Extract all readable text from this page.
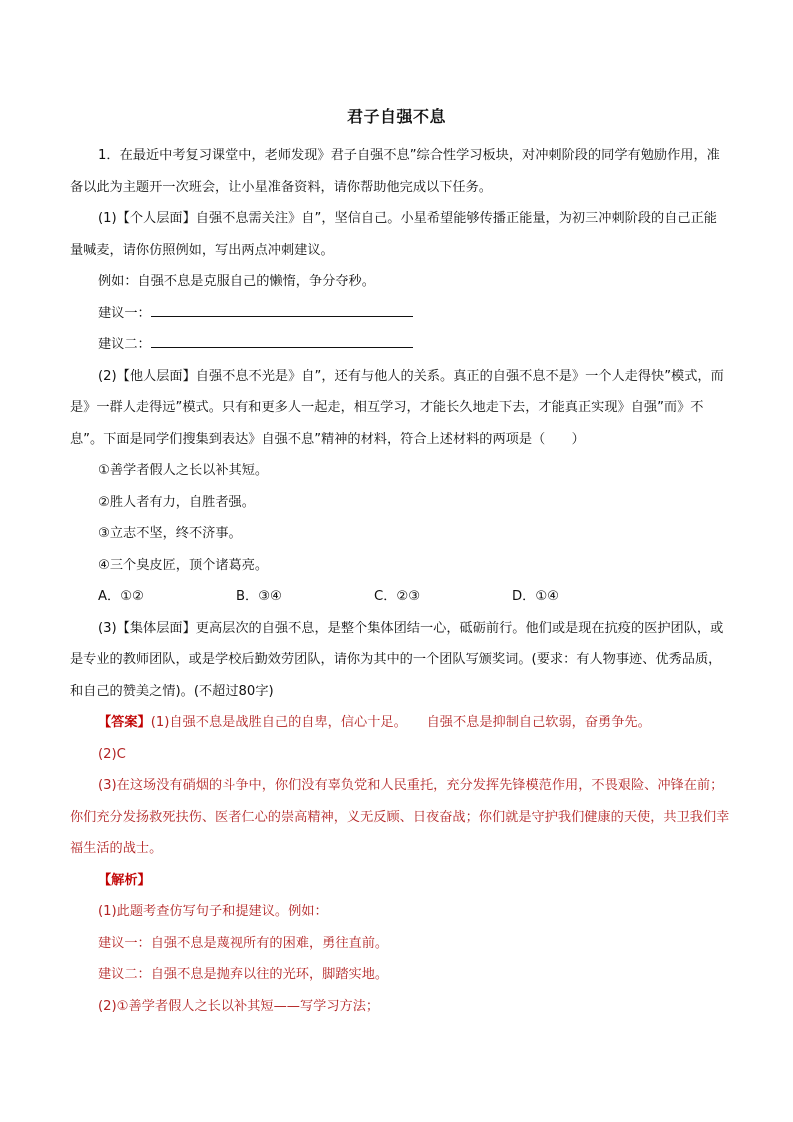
君子自强不息

1．在最近中考复习课堂中，老师发现》君子自强不息”综合性学习板块，对冲刺阶段的同学有勉励作用，准备以此为主题开一次班会，让小星准备资料，请你帮助他完成以下任务。

(1)【个人层面】自强不息需关注》自”，坚信自己。小星希望能够传播正能量，为初三冲刺阶段的自己正能量喊麦，请你仿照例如，写出两点冲刺建议。

例如：自强不息是克服自己的懒惰，争分夺秒。

建议一：

建议二：

(2)【他人层面】自强不息不光是》自”，还有与他人的关系。真正的自强不息不是》一个人走得快”模式，而是》一群人走得远”模式。只有和更多人一起走，相互学习，才能长久地走下去，才能真正实现》自强”而》不息”。下面是同学们搜集到表达》自强不息”精神的材料，符合上述材料的两项是（　　）

①善学者假人之长以补其短。

②胜人者有力，自胜者强。

③立志不坚，终不济事。

④三个臭皮匠，顶个诸葛亮。

A．①②	B．③④	C．②③	D．①④

(3)【集体层面】更高层次的自强不息，是整个集体团结一心，砥砺前行。他们或是现在抗疫的医护团队，或是专业的教师团队，或是学校后勤效劳团队，请你为其中的一个团队写颁奖词。(要求：有人物事迹、优秀品质，和自己的赞美之情)。(不超过80字)

【答案】(1)自强不息是战胜自己的自卑，信心十足。　　自强不息是抑制自己软弱，奋勇争先。

(2)C

(3)在这场没有硝烟的斗争中，你们没有辜负党和人民重托，充分发挥先锋模范作用，不畏艰险、冲锋在前；你们充分发扬救死扶伤、医者仁心的崇高精神，义无反顾、日夜奋战；你们就是守护我们健康的天使，共卫我们幸福生活的战士。

【解析】

(1)此题考查仿写句子和提建议。例如：

建议一：自强不息是蔑视所有的困难，勇往直前。

建议二：自强不息是抛弃以往的光环，脚踏实地。

(2)①善学者假人之长以补其短——写学习方法；
